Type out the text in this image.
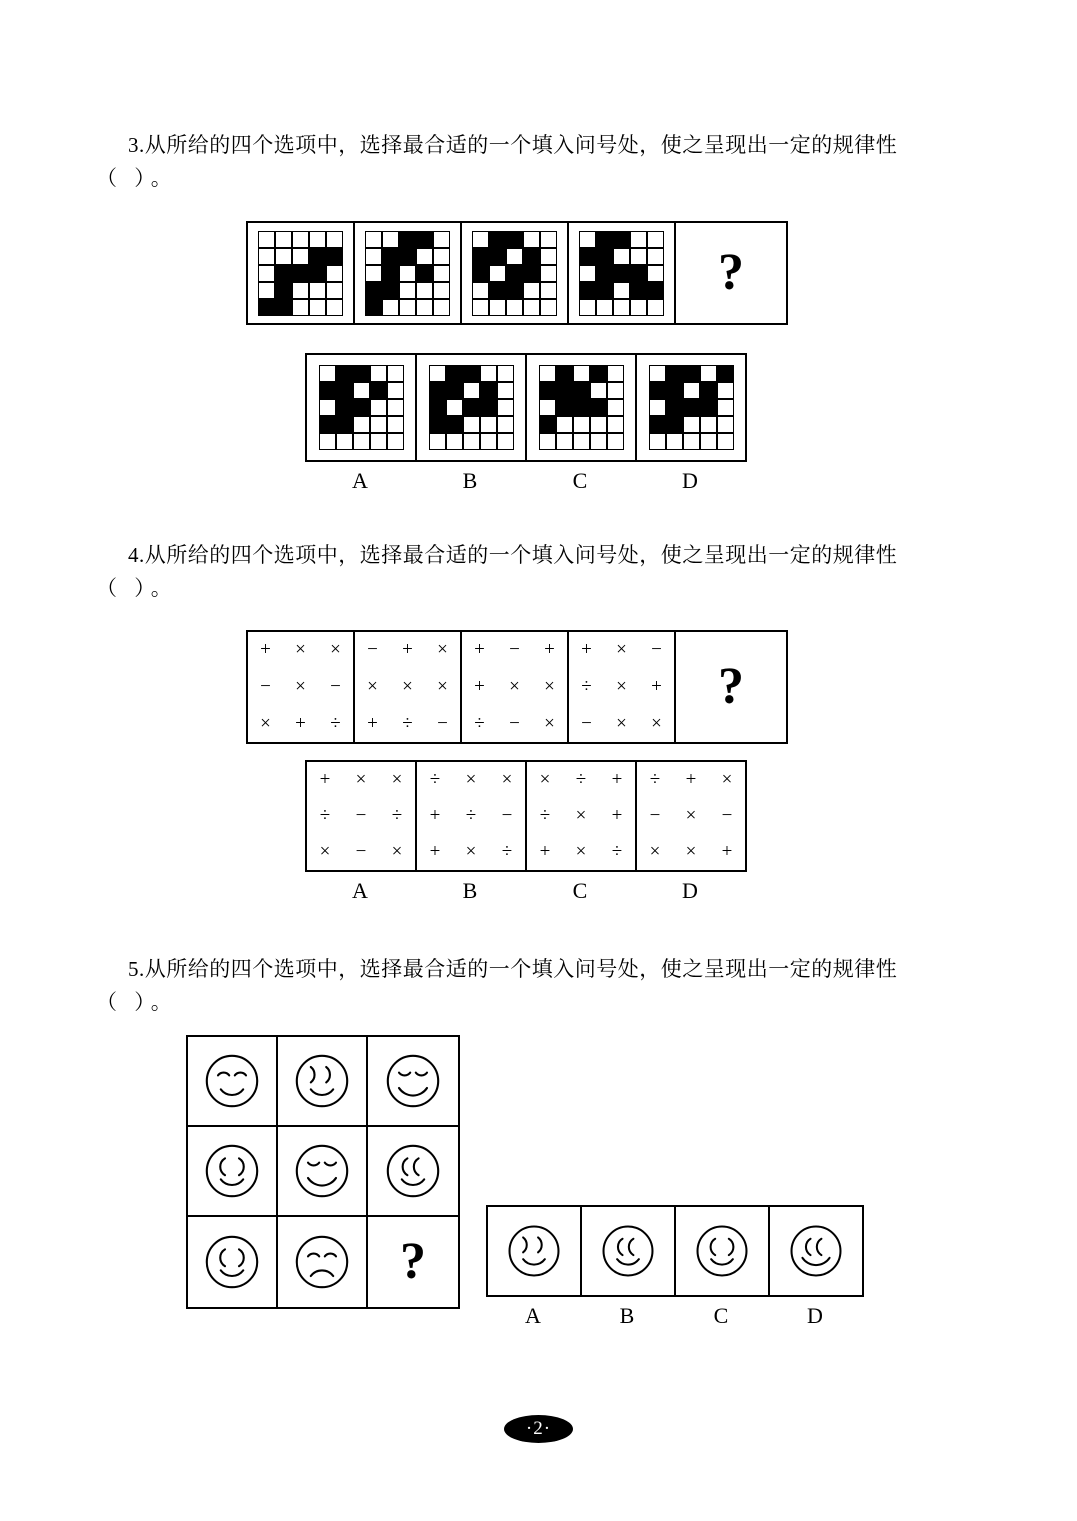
3.从所给的四个选项中，选择最合适的一个填入问号处，使之呈现出一定的规律性
（ ）。
?
A	B	C	D
4.从所给的四个选项中，选择最合适的一个填入问号处，使之呈现出一定的规律性
（ ）。
+ × ×
− × −
× + ÷
− + ×
× × ×
+ ÷ −
+ − +
+ × ×
÷ − ×
+ × −
÷ × +
− × ×
?
+ × ×
÷ − ÷
× − ×
÷ × ×
+ ÷ −
+ × ÷
× ÷ +
÷ × +
+ × ÷
÷ + ×
− × −
× × +
A	B	C	D
5.从所给的四个选项中，选择最合适的一个填入问号处，使之呈现出一定的规律性
（ ）。
?
A	B	C	D
·2·
